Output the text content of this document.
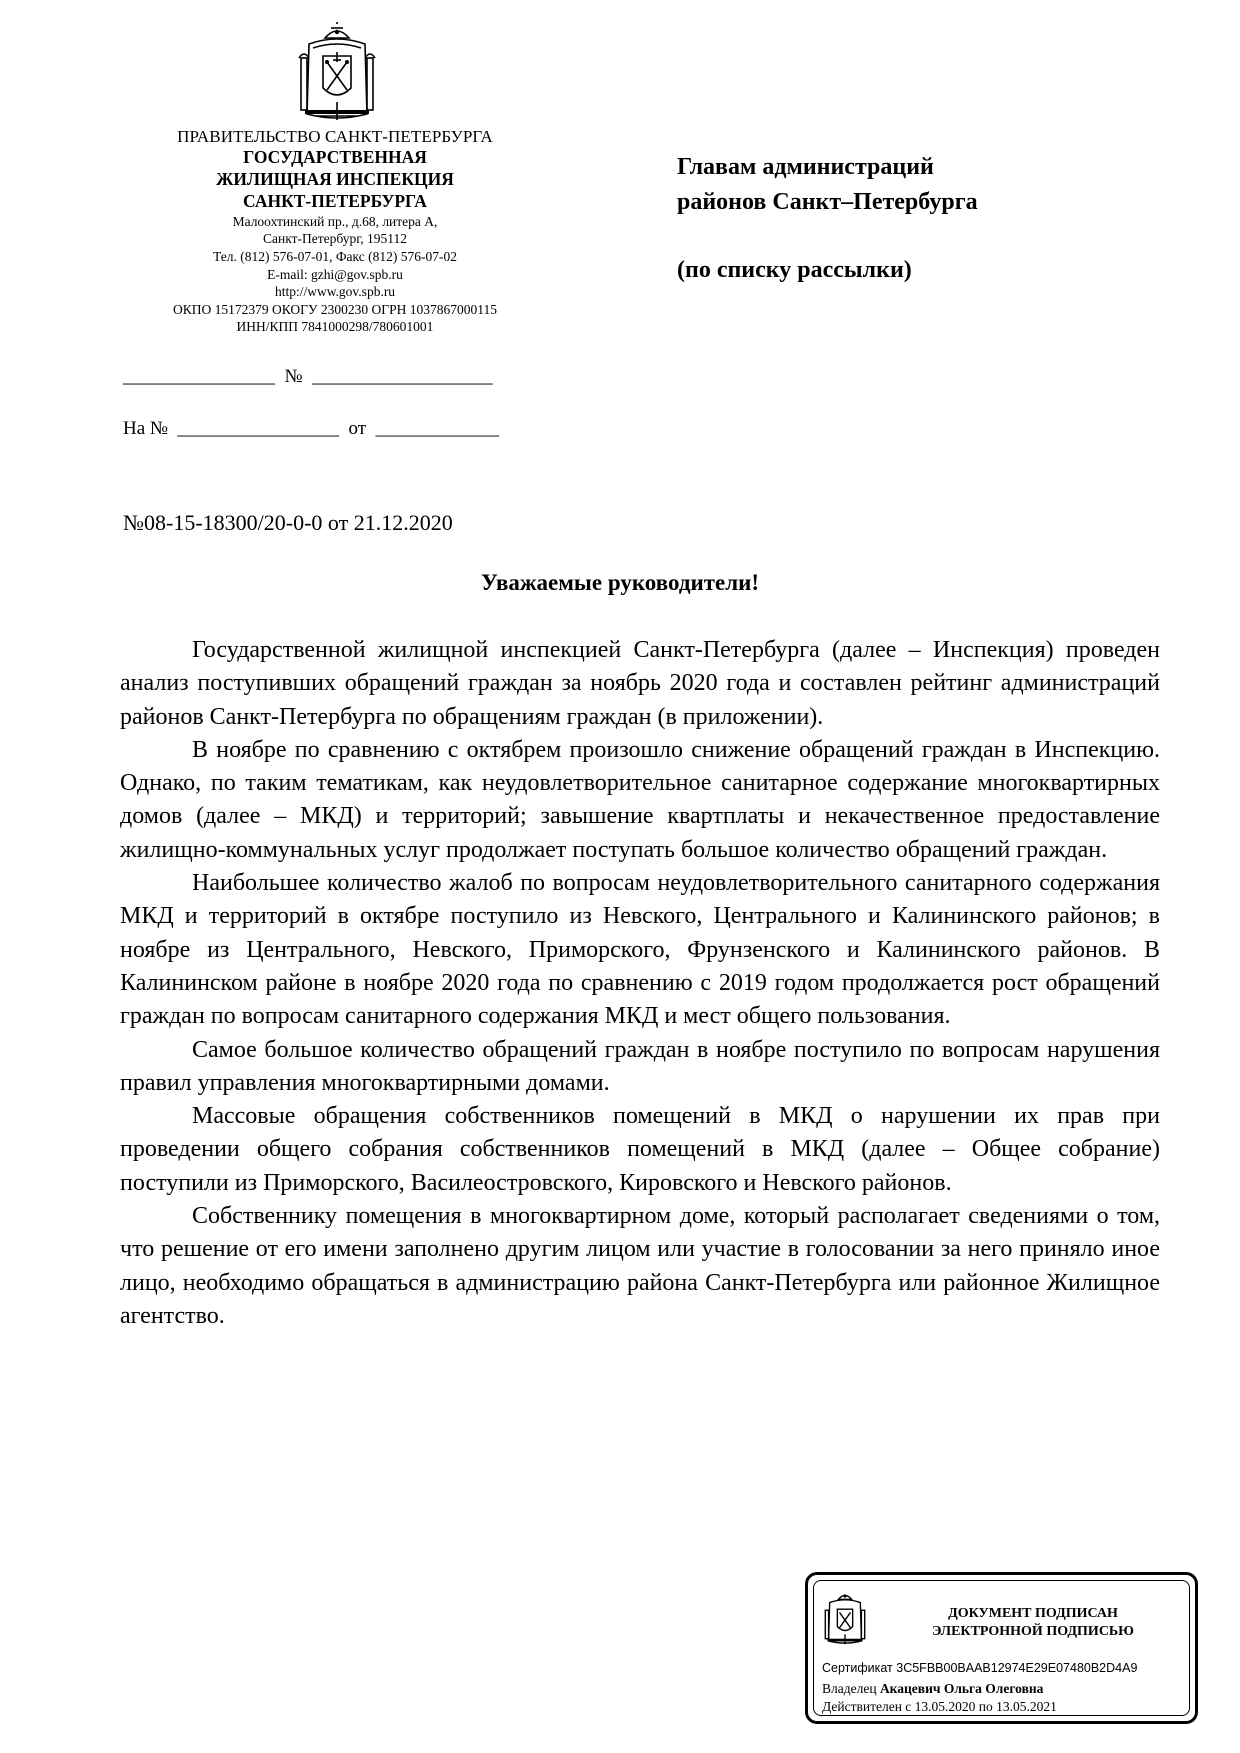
ПРАВИТЕЛЬСТВО САНКТ-ПЕТЕРБУРГА
ГОСУДАРСТВЕННАЯ
ЖИЛИЩНАЯ ИНСПЕКЦИЯ
САНКТ-ПЕТЕРБУРГА
Малоохтинский пр., д.68, литера А,
Санкт-Петербург, 195112
Тел. (812) 576-07-01, Факс (812) 576-07-02
E-mail: gzhi@gov.spb.ru
http://www.gov.spb.ru
ОКПО 15172379 ОКОГУ 2300230 ОГРН 1037867000115
ИНН/КПП 7841000298/780601001
Главам администраций
районов Санкт–Петербурга
(по списку рассылки)
________________  №  ___________________
На №  _________________  от  _____________
№08-15-18300/20-0-0 от 21.12.2020
Уважаемые руководители!

Государственной жилищной инспекцией Санкт-Петербурга (далее – Инспекция) проведен анализ поступивших обращений граждан за ноябрь 2020 года и составлен рейтинг администраций районов Санкт-Петербурга по обращениям граждан (в приложении).

В ноябре по сравнению с октябрем произошло снижение обращений граждан в Инспекцию. Однако, по таким тематикам, как неудовлетворительное санитарное содержание многоквартирных домов (далее – МКД) и территорий; завышение квартплаты и некачественное предоставление жилищно-коммунальных услуг продолжает поступать большое количество обращений граждан.

Наибольшее количество жалоб по вопросам неудовлетворительного санитарного содержания МКД и территорий в октябре поступило из Невского, Центрального и Калининского районов; в ноябре из Центрального, Невского, Приморского, Фрунзенского и Калининского районов. В Калининском районе в ноябре 2020 года по сравнению с 2019 годом продолжается рост обращений граждан по вопросам санитарного содержания МКД и мест общего пользования.

Самое большое количество обращений граждан в ноябре поступило по вопросам нарушения правил управления многоквартирными домами.

Массовые обращения собственников помещений в МКД о нарушении их прав при проведении общего собрания собственников помещений в МКД (далее – Общее собрание) поступили из Приморского, Василеостровского, Кировского и Невского районов.

Собственнику помещения в многоквартирном доме, который располагает сведениями о том, что решение от его имени заполнено другим лицом или участие в голосовании за него приняло иное лицо, необходимо обращаться в администрацию района Санкт-Петербурга или районное Жилищное агентство.

ДОКУМЕНТ ПОДПИСАН
ЭЛЕКТРОННОЙ ПОДПИСЬЮ
Сертификат 3C5FBB00BAAB12974E29E07480B2D4A9
Владелец Акацевич Ольга Олеговна
Действителен с 13.05.2020 по 13.05.2021
